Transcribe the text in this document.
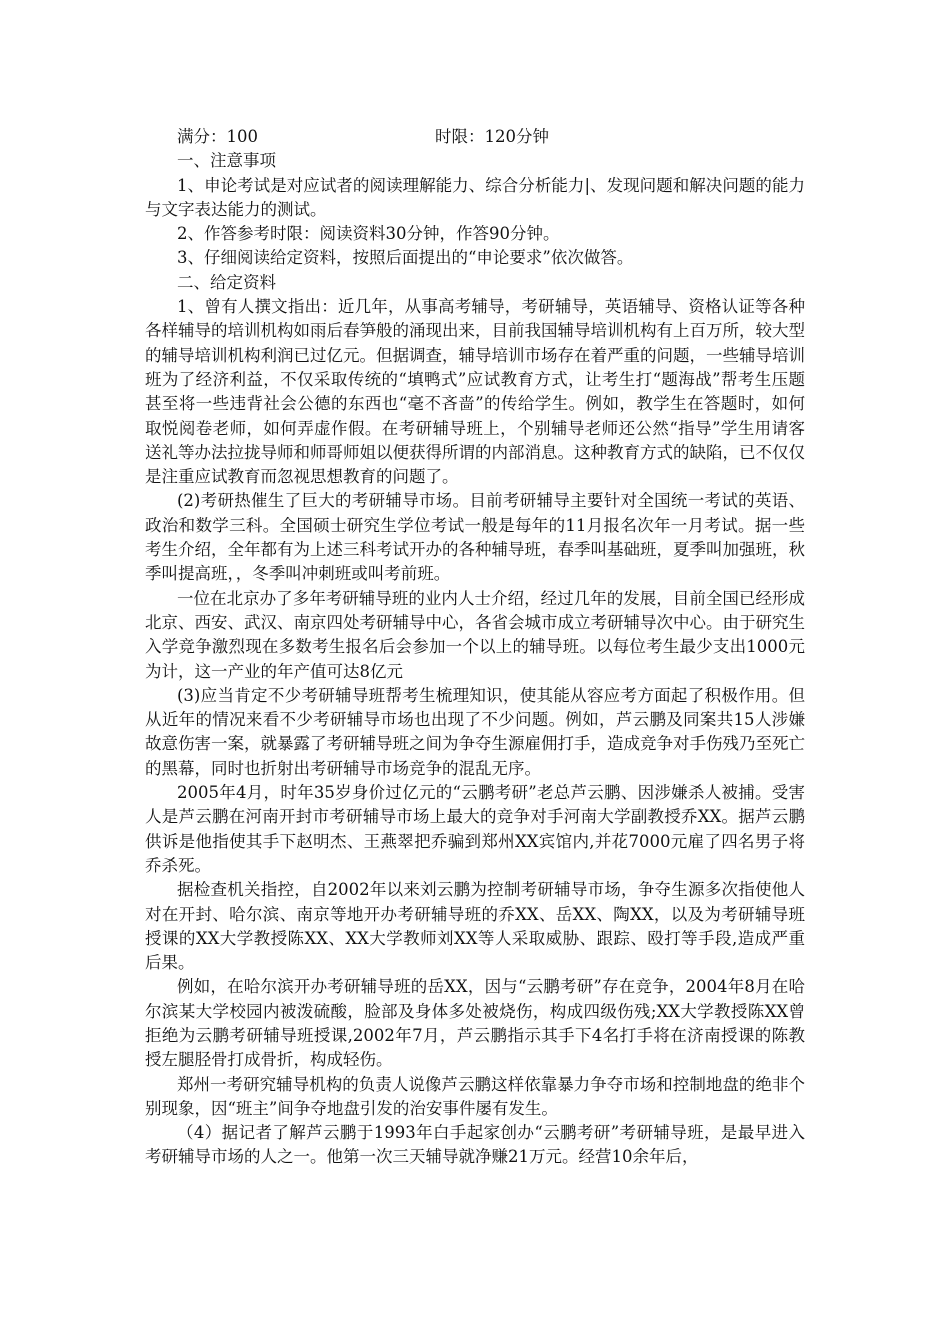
满分：100	时限：120分钟
一、注意事项
1、申论考试是对应试者的阅读理解能力、综合分析能力|、发现问题和解决问题的能力与文字表达能力的测试。
2、作答参考时限：阅读资料30分钟，作答90分钟。
3、仔细阅读给定资料，按照后面提出的“申论要求”依次做答。
二、给定资料
1、曾有人撰文指出：近几年，从事高考辅导，考研辅导，英语辅导、资格认证等各种各样辅导的培训机构如雨后春笋般的涌现出来，目前我国辅导培训机构有上百万所，较大型的辅导培训机构利润已过亿元。但据调查，辅导培训市场存在着严重的问题，一些辅导培训班为了经济利益，不仅采取传统的“填鸭式”应试教育方式，让考生打“题海战”帮考生压题甚至将一些违背社会公德的东西也“毫不吝啬”的传给学生。例如，教学生在答题时，如何取悦阅卷老师，如何弄虚作假。在考研辅导班上，个别辅导老师还公然“指导”学生用请客送礼等办法拉拢导师和师哥师姐以便获得所谓的内部消息。这种教育方式的缺陷，已不仅仅是注重应试教育而忽视思想教育的问题了。
(2)考研热催生了巨大的考研辅导市场。目前考研辅导主要针对全国统一考试的英语、政治和数学三科。全国硕士研究生学位考试一般是每年的11月报名次年一月考试。据一些考生介绍，全年都有为上述三科考试开办的各种辅导班，春季叫基础班，夏季叫加强班，秋季叫提高班，，冬季叫冲刺班或叫考前班。
一位在北京办了多年考研辅导班的业内人士介绍，经过几年的发展，目前全国已经形成北京、西安、武汉、南京四处考研辅导中心，各省会城市成立考研辅导次中心。由于研究生入学竞争激烈现在多数考生报名后会参加一个以上的辅导班。以每位考生最少支出1000元为计，这一产业的年产值可达8亿元
(3)应当肯定不少考研辅导班帮考生梳理知识，使其能从容应考方面起了积极作用。但从近年的情况来看不少考研辅导市场也出现了不少问题。例如，芦云鹏及同案共15人涉嫌故意伤害一案，就暴露了考研辅导班之间为争夺生源雇佣打手，造成竞争对手伤残乃至死亡的黑幕，同时也折射出考研辅导市场竞争的混乱无序。
2005年4月，时年35岁身价过亿元的“云鹏考研”老总芦云鹏、因涉嫌杀人被捕。受害人是芦云鹏在河南开封市考研辅导市场上最大的竞争对手河南大学副教授乔XX。据芦云鹏供诉是他指使其手下赵明杰、王燕翠把乔骗到郑州XX宾馆内,并花7000元雇了四名男子将乔杀死。
据检查机关指控，自2002年以来刘云鹏为控制考研辅导市场，争夺生源多次指使他人对在开封、哈尔滨、南京等地开办考研辅导班的乔XX、岳XX、陶XX，以及为考研辅导班授课的XX大学教授陈XX、XX大学教师刘XX等人采取威胁、跟踪、殴打等手段,造成严重后果。
例如，在哈尔滨开办考研辅导班的岳XX，因与“云鹏考研”存在竞争，2004年8月在哈尔滨某大学校园内被泼硫酸，脸部及身体多处被烧伤，构成四级伤残;XX大学教授陈XX曾拒绝为云鹏考研辅导班授课,2002年7月，芦云鹏指示其手下4名打手将在济南授课的陈教授左腿胫骨打成骨折，构成轻伤。
郑州一考研究辅导机构的负责人说像芦云鹏这样依靠暴力争夺市场和控制地盘的绝非个别现象，因“班主”间争夺地盘引发的治安事件屡有发生。
（4）据记者了解芦云鹏于1993年白手起家创办“云鹏考研”考研辅导班，是最早进入考研辅导市场的人之一。他第一次三天辅导就净赚21万元。经营10余年后，
